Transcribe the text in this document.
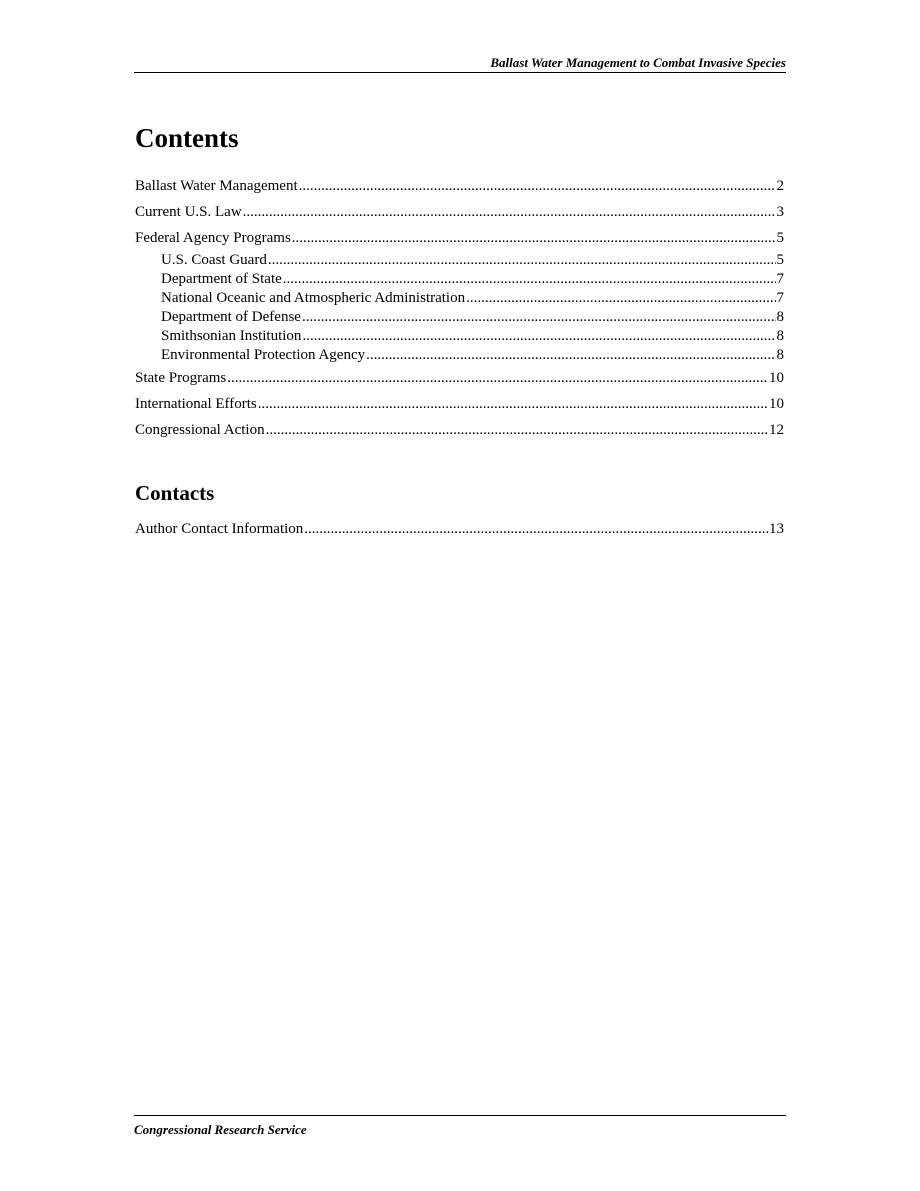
Ballast Water Management to Combat Invasive Species
Contents
Ballast Water Management .....	2
Current U.S. Law .....	3
Federal Agency Programs .....	5
U.S. Coast Guard .....	5
Department of State .....	7
National Oceanic and Atmospheric Administration .....	7
Department of Defense .....	8
Smithsonian Institution .....	8
Environmental Protection Agency .....	8
State Programs .....	10
International Efforts .....	10
Congressional Action .....	12
Contacts
Author Contact Information .....	13
Congressional Research Service
